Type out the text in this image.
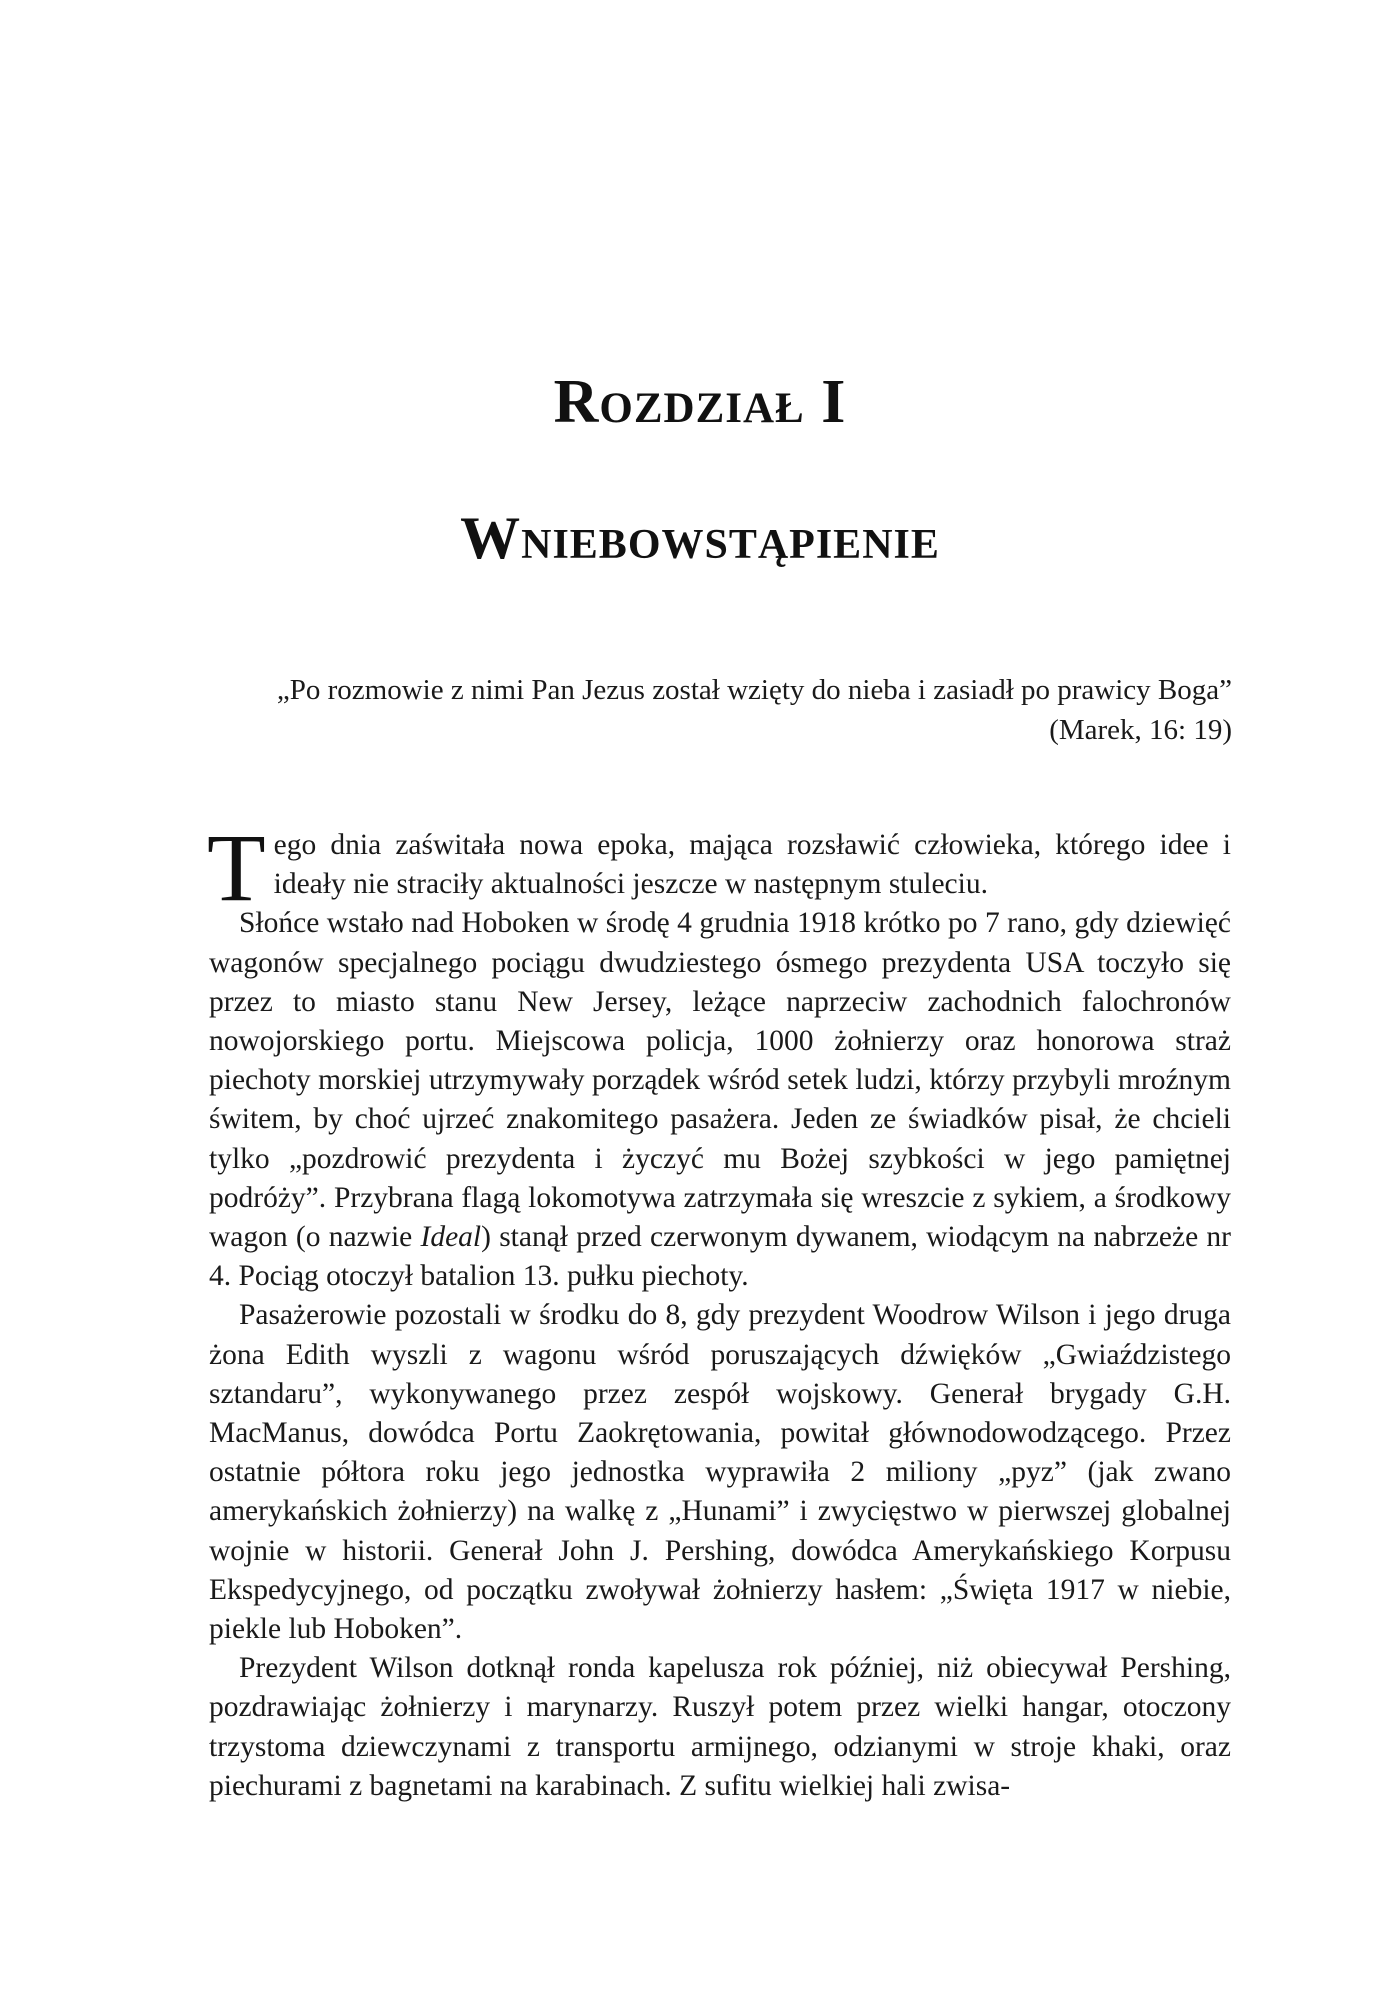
Rozdział I
Wniebowstąpienie
„Po rozmowie z nimi Pan Jezus został wzięty do nieba i zasiadł po prawicy Boga”
(Marek, 16: 19)

Tego dnia zaświtała nowa epoka, mająca rozsławić człowieka, którego idee i ideały nie straciły aktualności jeszcze w następnym stuleciu.

Słońce wstało nad Hoboken w środę 4 grudnia 1918 krótko po 7 rano, gdy dziewięć wagonów specjalnego pociągu dwudziestego ósmego prezydenta USA toczyło się przez to miasto stanu New Jersey, leżące naprzeciw zachodnich falochronów nowojorskiego portu. Miejscowa policja, 1000 żołnierzy oraz honorowa straż piechoty morskiej utrzymywały porządek wśród setek ludzi, którzy przybyli mroźnym świtem, by choć ujrzeć znakomitego pasażera. Jeden ze świadków pisał, że chcieli tylko „pozdrowić prezydenta i życzyć mu Bożej szybkości w jego pamiętnej podróży”. Przybrana flagą lokomotywa zatrzymała się wreszcie z sykiem, a środkowy wagon (o nazwie Ideal) stanął przed czerwonym dywanem, wiodącym na nabrzeże nr 4. Pociąg otoczył batalion 13. pułku piechoty.

Pasażerowie pozostali w środku do 8, gdy prezydent Woodrow Wilson i jego druga żona Edith wyszli z wagonu wśród poruszających dźwięków „Gwiaździstego sztandaru”, wykonywanego przez zespół wojskowy. Generał brygady G.H. MacManus, dowódca Portu Zaokrętowania, powitał głównodowodzącego. Przez ostatnie półtora roku jego jednostka wyprawiła 2 miliony „pyz” (jak zwano amerykańskich żołnierzy) na walkę z „Hunami” i zwycięstwo w pierwszej globalnej wojnie w historii. Generał John J. Pershing, dowódca Amerykańskiego Korpusu Ekspedycyjnego, od początku zwoływał żołnierzy hasłem: „Święta 1917 w niebie, piekle lub Hoboken”.

Prezydent Wilson dotknął ronda kapelusza rok później, niż obiecywał Pershing, pozdrawiając żołnierzy i marynarzy. Ruszył potem przez wielki hangar, otoczony trzystoma dziewczynami z transportu armijnego, odzianymi w stroje khaki, oraz piechurami z bagnetami na karabinach. Z sufitu wielkiej hali zwisa-
